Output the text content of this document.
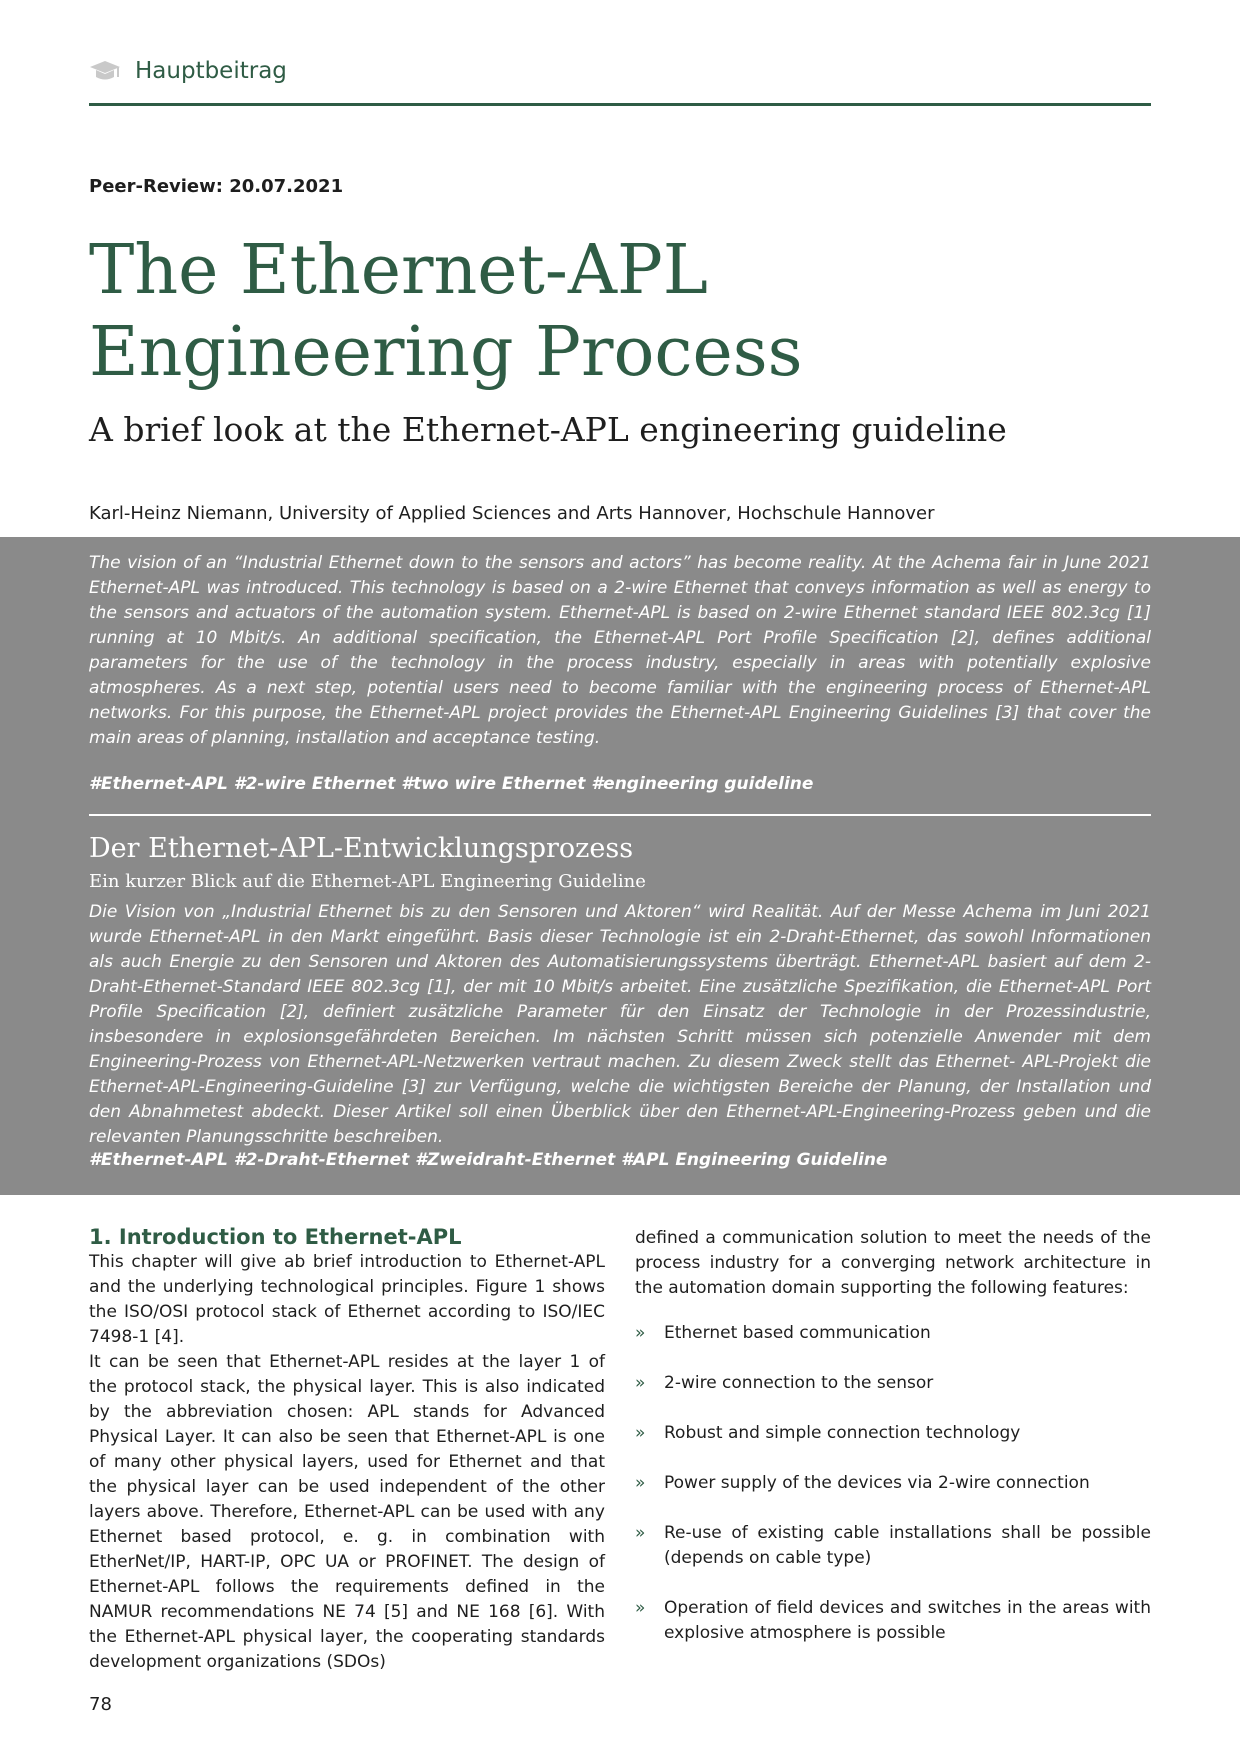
Hauptbeitrag
Peer-Review: 20.07.2021
The Ethernet-APL
Engineering Process
A brief look at the Ethernet-APL engineering guideline
Karl-Heinz Niemann, University of Applied Sciences and Arts Hannover, Hochschule Hannover

The vision of an “Industrial Ethernet down to the sensors and actors” has become reality. At the Achema fair in June 2021 Ethernet-APL was introduced. This technology is based on a 2-wire Ethernet that conveys information as well as energy to the sensors and actuators of the automation system. Ethernet-APL is based on 2-wire Ethernet standard IEEE 802.3cg [1] running at 10 Mbit/s. An additional specification, the Ethernet-APL Port Profile Specification [2], defines additional parameters for the use of the technology in the process industry, especially in areas with potentially explosive atmospheres. As a next step, potential users need to become familiar with the engineering process of Ethernet-APL networks. For this purpose, the Ethernet-APL project provides the Ethernet-APL Engineering Guidelines [3] that cover the main areas of planning, installation and acceptance testing.

#Ethernet-APL #2-wire Ethernet #two wire Ethernet #engineering guideline

Der Ethernet-APL-Entwicklungsprozess
Ein kurzer Blick auf die Ethernet-APL Engineering Guideline

Die Vision von „Industrial Ethernet bis zu den Sensoren und Aktoren“ wird Realität. Auf der Messe Achema im Juni 2021 wurde Ethernet-APL in den Markt eingeführt. Basis dieser Technologie ist ein 2-Draht-Ethernet, das sowohl Informationen als auch Energie zu den Sensoren und Aktoren des Automatisierungssystems überträgt. Ethernet-APL basiert auf dem 2-Draht-Ethernet-Standard IEEE 802.3cg [1], der mit 10 Mbit/s arbeitet. Eine zusätzliche Spezifikation, die Ethernet-APL Port Profile Specification [2], definiert zusätzliche Parameter für den Einsatz der Technologie in der Prozessindustrie, insbesondere in explosionsgefährdeten Bereichen. Im nächsten Schritt müssen sich potenzielle Anwender mit dem Engineering-Prozess von Ethernet-APL-Netzwerken vertraut machen. Zu diesem Zweck stellt das Ethernet- APL-Projekt die Ethernet-APL-Engineering-Guideline [3] zur Verfügung, welche die wichtigsten Bereiche der Planung, der Installation und den Abnahmetest abdeckt. Dieser Artikel soll einen Überblick über den Ethernet-APL-Engineering-Prozess geben und die relevanten Planungsschritte beschreiben.

#Ethernet-APL #2-Draht-Ethernet #Zweidraht-Ethernet #APL Engineering Guideline

1. Introduction to Ethernet-APL

This chapter will give ab brief introduction to Ethernet-APL and the underlying technological principles. Figure 1 shows the ISO/OSI protocol stack of Ethernet according to ISO/IEC 7498-1 [4].

It can be seen that Ethernet-APL resides at the layer 1 of the protocol stack, the physical layer. This is also indicated by the abbreviation chosen: APL stands for Advanced Physical Layer. It can also be seen that Ethernet-APL is one of many other physical layers, used for Ethernet and that the physical layer can be used independent of the other layers above. Therefore, Ethernet-APL can be used with any Ethernet based protocol, e. g. in combination with EtherNet/IP, HART-IP, OPC UA or PROFINET. The design of Ethernet-APL follows the requirements defined in the NAMUR recommendations NE 74 [5] and NE 168 [6]. With the Ethernet-APL physical layer, the cooperating standards development organizations (SDOs)

defined a communication solution to meet the needs of the process industry for a converging network architecture in the automation domain supporting the following features:

» Ethernet based communication
» 2-wire connection to the sensor
» Robust and simple connection technology
» Power supply of the devices via 2-wire connection
» Re-use of existing cable installations shall be possible (depends on cable type)
» Operation of field devices and switches in the areas with explosive atmosphere is possible
78
